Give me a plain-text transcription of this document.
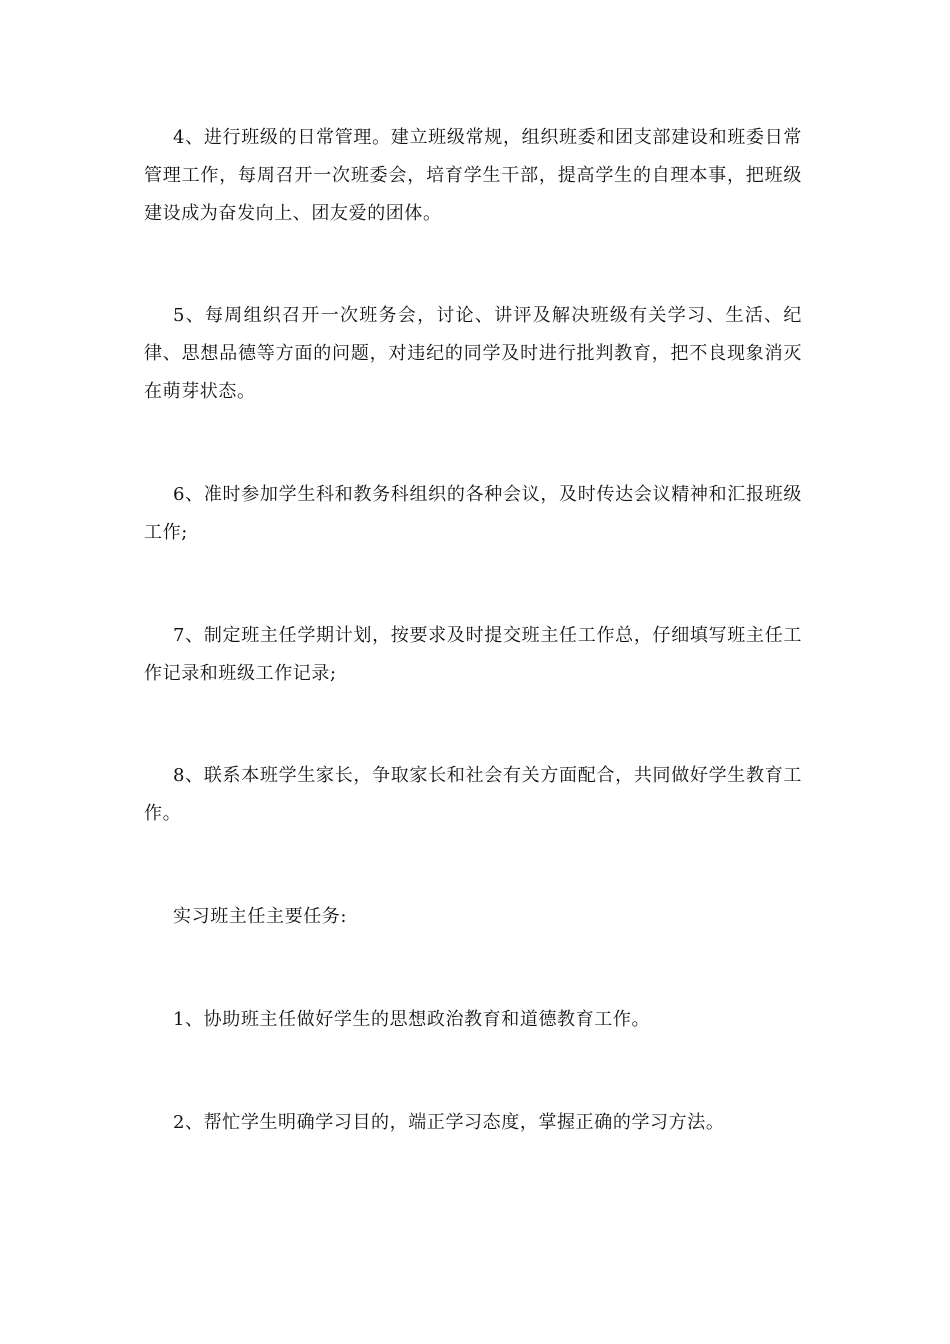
4、进行班级的日常管理。建立班级常规，组织班委和团支部建设和班委日常管理工作，每周召开一次班委会，培育学生干部，提高学生的自理本事，把班级建设成为奋发向上、团友爱的团体。

5、每周组织召开一次班务会，讨论、讲评及解决班级有关学习、生活、纪律、思想品德等方面的问题，对违纪的同学及时进行批判教育，把不良现象消灭在萌芽状态。

6、准时参加学生科和教务科组织的各种会议，及时传达会议精神和汇报班级工作;

7、制定班主任学期计划，按要求及时提交班主任工作总，仔细填写班主任工作记录和班级工作记录;

8、联系本班学生家长，争取家长和社会有关方面配合，共同做好学生教育工作。

实习班主任主要任务:

1、协助班主任做好学生的思想政治教育和道德教育工作。

2、帮忙学生明确学习目的，端正学习态度，掌握正确的学习方法。
